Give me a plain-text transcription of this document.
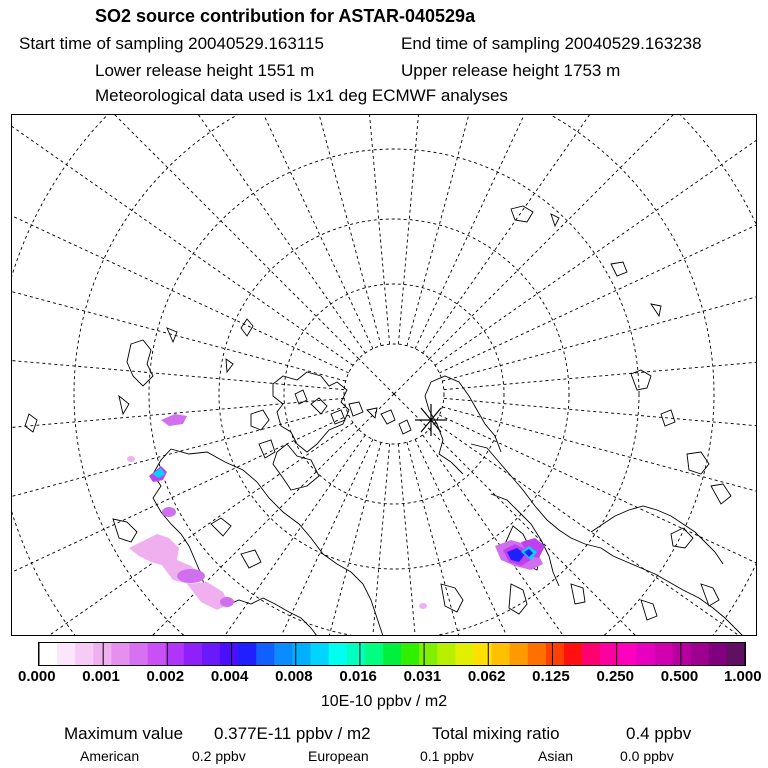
SO2 source contribution for ASTAR-040529a
Start time of sampling 20040529.163115	End time of sampling 20040529.163238
Lower release height 1551 m	Upper release height 1753 m
Meteorological data used is 1x1 deg ECMWF analyses
0.000 0.001 0.002 0.004 0.008 0.016 0.031 0.062 0.125 0.250 0.500 1.000
10E-10 ppbv / m2
Maximum value 0.377E-11 ppbv / m2	Total mixing ratio	0.4 ppbv
American	0.2 ppbv	European	0.1 ppbv	Asian	0.0 ppbv
